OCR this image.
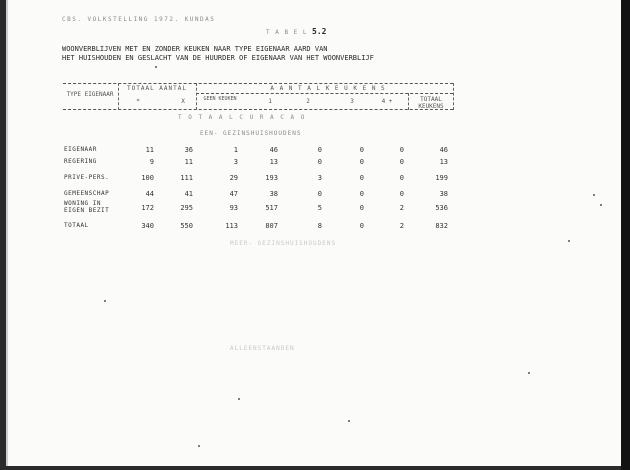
CBS. VOLKSTELLING 1972. KUNDAS
T A B E L 5.2
WOONVERBLIJVEN MET EN ZONDER KEUKEN NAAR TYPE EIGENAAR AARD VAN
HET HUISHOUDEN EN GESLACHT VAN DE HUURDER OF EIGENAAR VAN HET WOONVERBLIJF
TYPE EIGENAAR
TOTAAL AANTAL	A A N T A L K E U K E N S
*	X	GEEN KEUKEN	1	2	3	4 +	TOTAAL KEUKENS
T O T A A L C U R A C A O
EEN- GEZINSHUISHOUDENS
EIGENAAR	11	36	1	46	0	0	0	46
REGERING	9	11	3	13	0	0	0	13
PRIVE-PERS.	100	111	29	193	3	0	0	199
GEMEENSCHAP	44	41	47	38	0	0	0	38
WONING IN EIGEN BEZIT	172	295	93	517	5	0	2	536
TOTAAL	340	550	113	807	8	0	2	832
MEER- GEZINSHUISHOUDENS
ALLEENSTAANDEN
